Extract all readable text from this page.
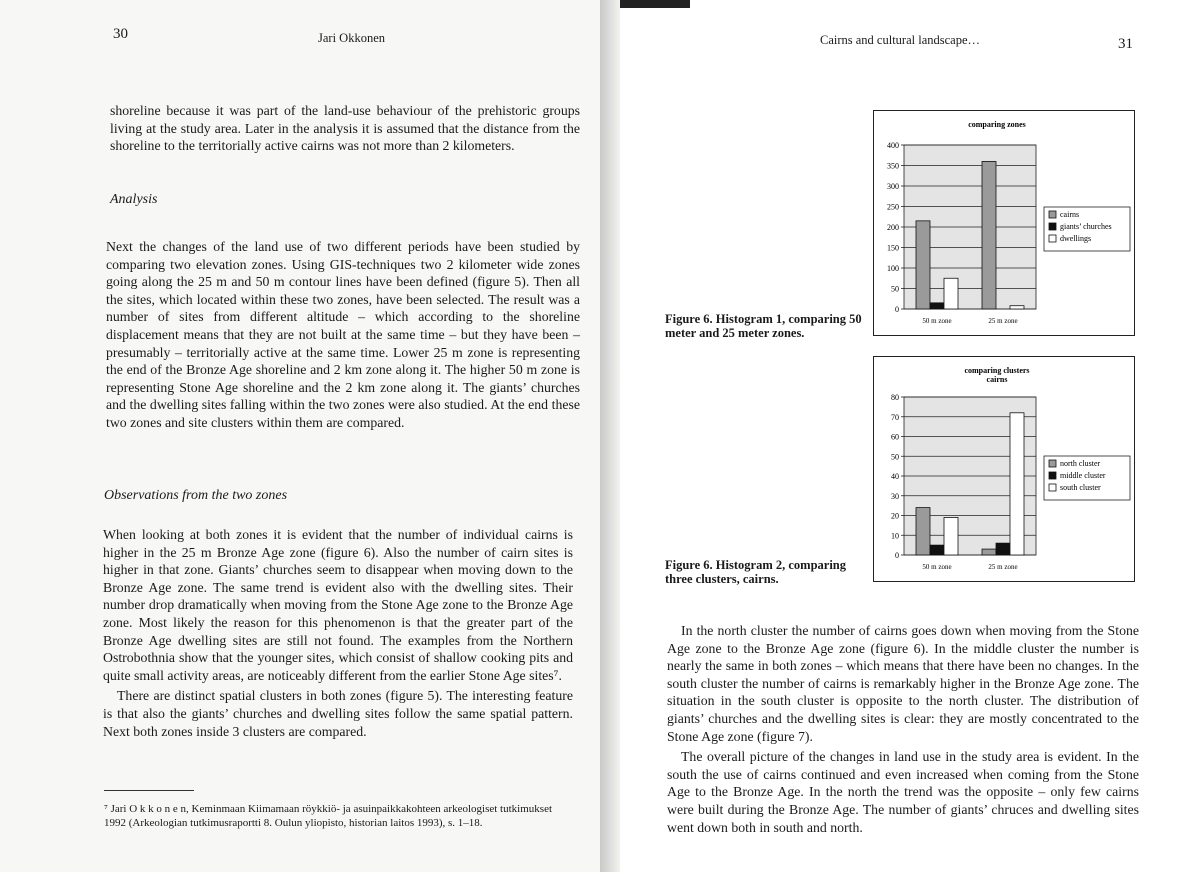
30	Jari Okkonen

shoreline because it was part of the land-use behaviour of the prehistoric groups living at the study area. Later in the analysis it is assumed that the distance from the shoreline to the territorially active cairns was not more than 2 kilometers.

Analysis

Next the changes of the land use of two different periods have been studied by comparing two elevation zones. Using GIS-techniques two 2 kilometer wide zones going along the 25 m and 50 m contour lines have been defined (figure 5). Then all the sites, which located within these two zones, have been selected. The result was a number of sites from different altitude – which according to the shoreline displacement means that they are not built at the same time – but they have been – presumably – territorially active at the same time. Lower 25 m zone is representing the end of the Bronze Age shoreline and 2 km zone along it. The higher 50 m zone is representing Stone Age shoreline and the 2 km zone along it. The giants’ churches and the dwelling sites falling within the two zones were also studied. At the end these two zones and site clusters within them are compared.

Observations from the two zones

When looking at both zones it is evident that the number of individual cairns is higher in the 25 m Bronze Age zone (figure 6). Also the number of cairn sites is higher in that zone. Giants’ churches seem to disappear when moving down to the Bronze Age zone. The same trend is evident also with the dwelling sites. Their number drop dramatically when moving from the Stone Age zone to the Bronze Age zone. Most likely the reason for this phenomenon is that the greater part of the Bronze Age dwelling sites are still not found. The examples from the Northern Ostrobothnia show that the younger sites, which consist of shallow cooking pits and quite small activity areas, are noticeably different from the earlier Stone Age sites⁷.

There are distinct spatial clusters in both zones (figure 5). The interesting feature is that also the giants’ churches and dwelling sites follow the same spatial pattern. Next both zones inside 3 clusters are compared.

⁷ Jari O k k o n e n, Keminmaan Kiimamaan röykkiö- ja asuinpaikkakohteen arkeologiset tutkimukset 1992 (Arkeologian tutkimusraportti 8. Oulun yliopisto, historian laitos 1993), s. 1–18.
Cairns and cultural landscape…	31
comparing zones
0
50
100
150
200
250
300
350
400
50 m zone	25 m zone
cairns
giants’ churches
dwellings
Figure 6. Histogram 1, comparing 50 meter and 25 meter zones.
comparing clusters
cairns
0
10
20
30
40
50
60
70
80
50 m zone	25 m zone
north cluster
middle cluster
south cluster
Figure 6. Histogram 2, comparing three clusters, cairns.

In the north cluster the number of cairns goes down when moving from the Stone Age zone to the Bronze Age zone (figure 6). In the middle cluster the number is nearly the same in both zones – which means that there have been no changes. In the south cluster the number of cairns is remarkably higher in the Bronze Age zone. The situation in the south cluster is opposite to the north cluster. The distribution of giants’ churches and the dwelling sites is clear: they are mostly concentrated to the Stone Age zone (figure 7).

The overall picture of the changes in land use in the study area is evident. In the south the use of cairns continued and even increased when coming from the Stone Age to the Bronze Age. In the north the trend was the opposite – only few cairns were built during the Bronze Age. The number of giants’ chruces and dwelling sites went down both in south and north.
